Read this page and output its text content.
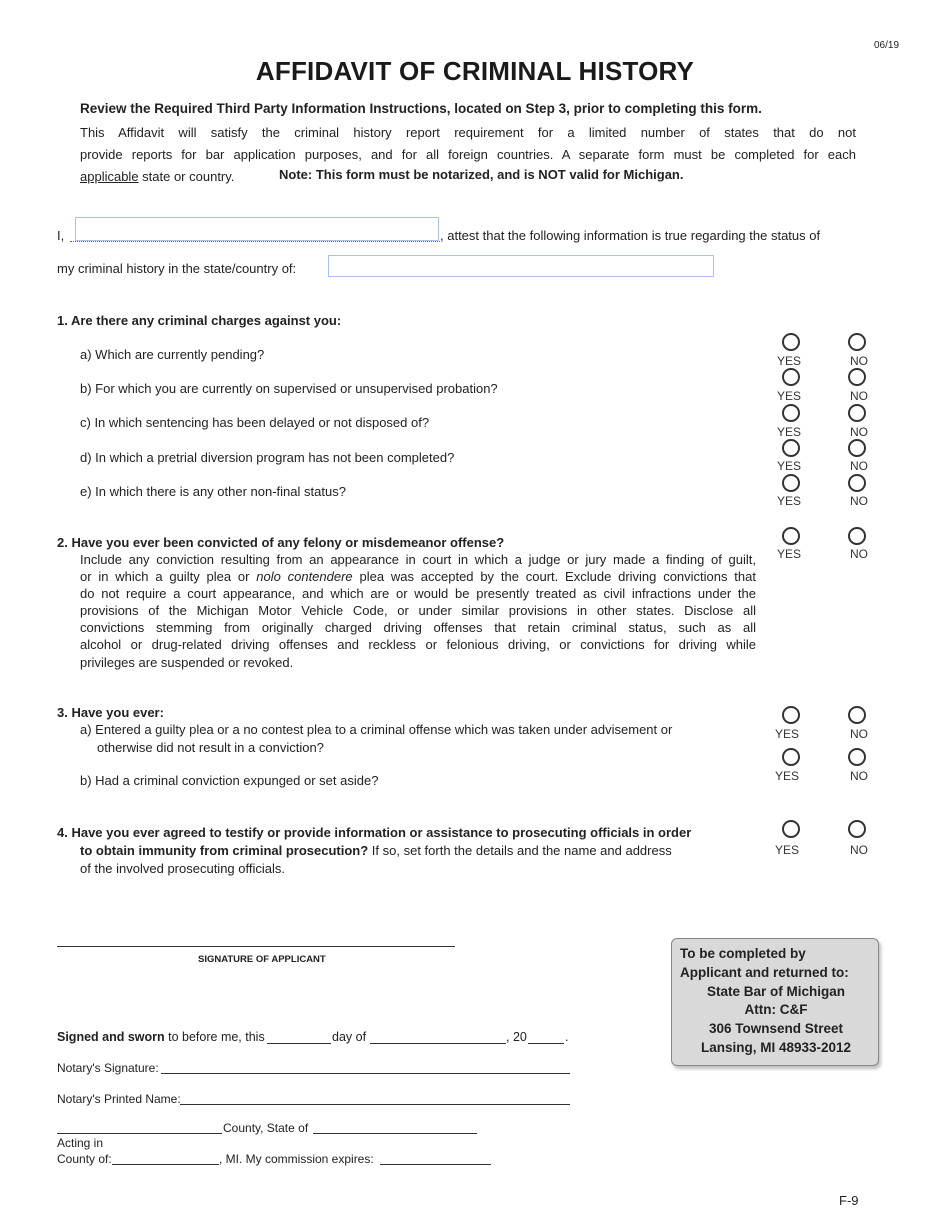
06/19
AFFIDAVIT OF CRIMINAL HISTORY
Review the Required Third Party Information Instructions, located on Step 3, prior to completing this form.
This Affidavit will satisfy the criminal history report requirement for a limited number of states that do not
provide reports for bar application purposes, and for all foreign countries. A separate form must be completed for each
applicable state or country.	Note: This form must be notarized, and is NOT valid for Michigan.
I,	, attest that the following information is true regarding the status of
my criminal history in the state/country of:
1. Are there any criminal charges against you:
a) Which are currently pending?
b) For which you are currently on supervised or unsupervised probation?
c) In which sentencing has been delayed or not disposed of?
d) In which a pretrial diversion program has not been completed?
e) In which there is any other non-final status?
YES	NO
YES	NO
YES	NO
YES	NO
YES	NO
2. Have you ever been convicted of any felony or misdemeanor offense?
Include any conviction resulting from an appearance in court in which a judge or jury made a finding of guilt,
or in which a guilty plea or nolo contendere plea was accepted by the court. Exclude driving convictions that
do not require a court appearance, and which are or would be presently treated as civil infractions under the
provisions of the Michigan Motor Vehicle Code, or under similar provisions in other states. Disclose all
convictions stemming from originally charged driving offenses that retain criminal status, such as all
alcohol or drug-related driving offenses and reckless or felonious driving, or convictions for driving while
privileges are suspended or revoked.
YES	NO
3. Have you ever:
a) Entered a guilty plea or a no contest plea to a criminal offense which was taken under advisement or
otherwise did not result in a conviction?
b) Had a criminal conviction expunged or set aside?
YES	NO
YES	NO
4. Have you ever agreed to testify or provide information or assistance to prosecuting officials in order
to obtain immunity from criminal prosecution? If so, set forth the details and the name and address
of the involved prosecuting officials.
YES	NO
SIGNATURE OF APPLICANT
Signed and sworn to before me, this	day of	, 20	.
Notary's Signature:
Notary's Printed Name:
County, State of
Acting in
County of:	, MI. My commission expires:
To be completed by
Applicant and returned to:
State Bar of Michigan
Attn: C&F
306 Townsend Street
Lansing, MI 48933-2012
F-9
